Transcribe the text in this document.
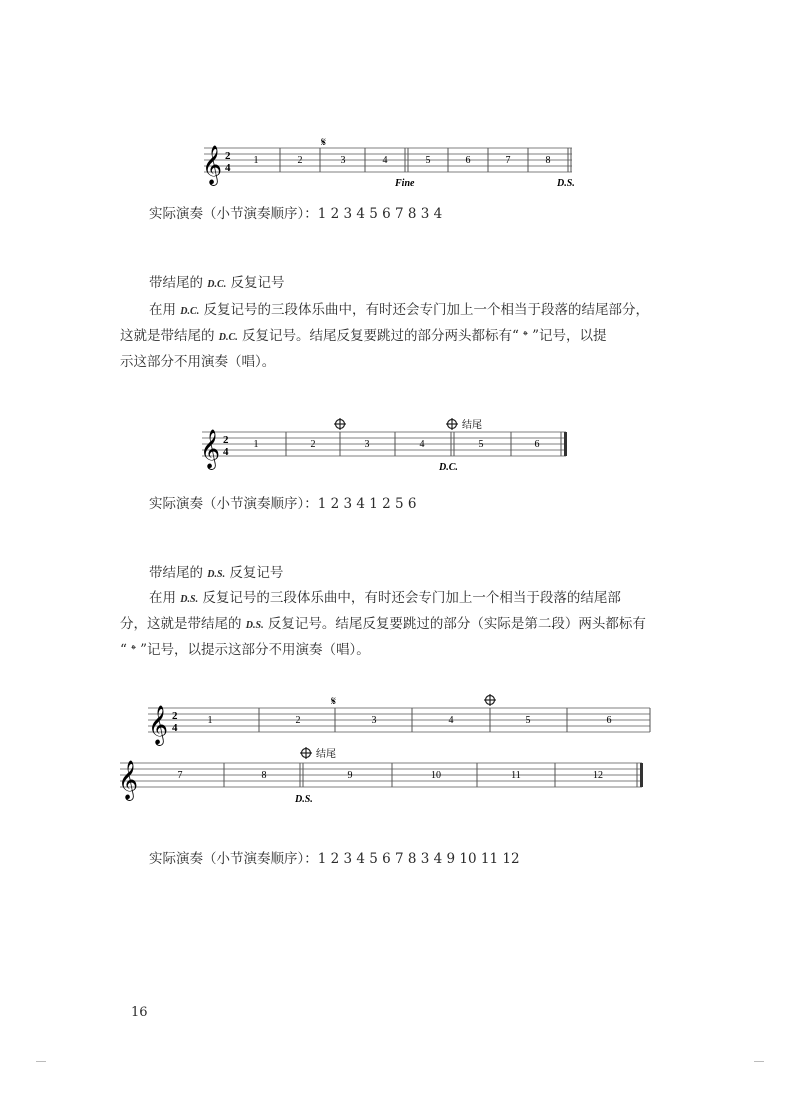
𝄞 2
4
1	2	3	4	5	6	7	8
𝄋
Fine	D.S.
实际演奏（小节演奏顺序）：1 2 3 4 5 6 7 8 3 4
带结尾的 D.C. 反复记号
在用 D.C. 反复记号的三段体乐曲中，有时还会专门加上一个相当于段落的结尾部分，
这就是带结尾的 D.C. 反复记号。结尾反复要跳过的部分两头都标有“ 𝄌 ”记号，以提
示这部分不用演奏（唱）。
𝄞 2
4
1	2	3	4	5	6
结尾
D.C.
实际演奏（小节演奏顺序）：1 2 3 4 1 2 5 6
带结尾的 D.S. 反复记号
在用 D.S. 反复记号的三段体乐曲中，有时还会专门加上一个相当于段落的结尾部
分，这就是带结尾的 D.S. 反复记号。结尾反复要跳过的部分（实际是第二段）两头都标有
“ 𝄌 ”记号，以提示这部分不用演奏（唱）。
𝄞 2
4
1	2	3	4	5	6
𝄋
𝄞	7	8	9	10	11	12
结尾
D.S.
实际演奏（小节演奏顺序）：1 2 3 4 5 6 7 8 3 4 9 10 11 12
16
